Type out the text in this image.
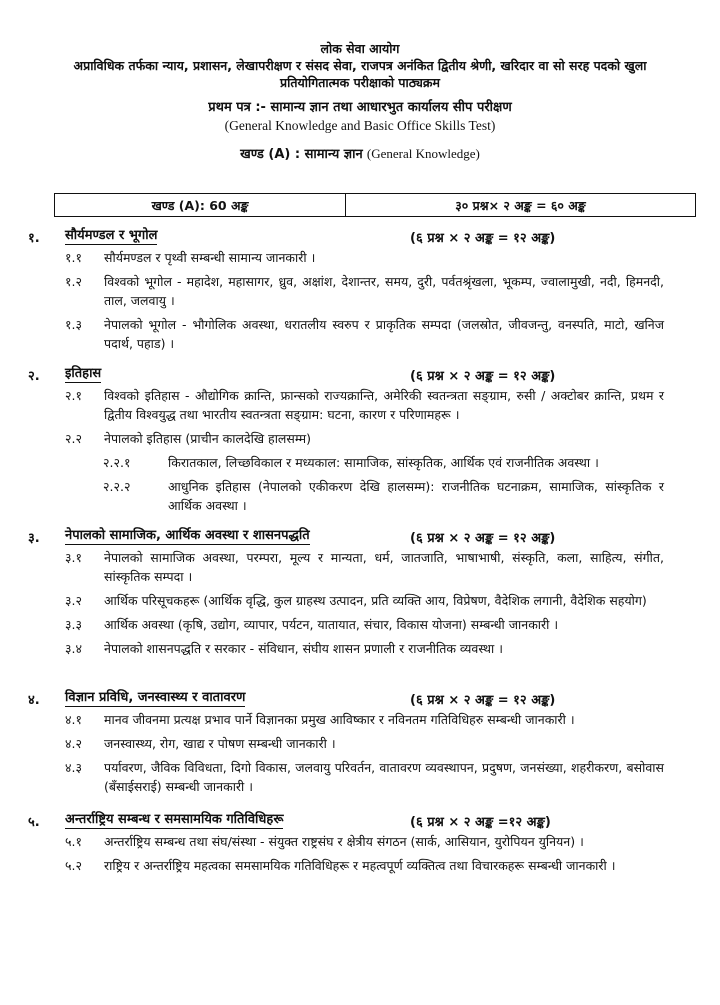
लोक सेवा आयोग
अप्राविधिक तर्फका न्याय, प्रशासन, लेखापरीक्षण र संसद सेवा, राजपत्र अनंकित द्वितीय श्रेणी, खरिदार वा सो सरह पदको खुला
प्रतियोगितात्मक परीक्षाको पाठ्यक्रम
प्रथम पत्र :- सामान्य ज्ञान तथा आधारभुत कार्यालय सीप परीक्षण
(General Knowledge and Basic Office Skills Test)
खण्ड (A) : सामान्य ज्ञान (General Knowledge)
खण्ड (A): 60 अङ्क	३० प्रश्न× २ अङ्क = ६० अङ्क
१. सौर्यमण्डल र भूगोल	(६ प्रश्न × २ अङ्क = १२ अङ्क)
१.१ सौर्यमण्डल र पृथ्वी सम्बन्धी सामान्य जानकारी ।
१.२ विश्वको भूगोल - महादेश, महासागर, ध्रुव, अक्षांश, देशान्तर, समय, दुरी, पर्वतश्रृंखला, भूकम्प, ज्वालामुखी, नदी, हिमनदी, ताल, जलवायु ।
१.३ नेपालको भूगोल - भौगोलिक अवस्था, धरातलीय स्वरुप र प्राकृतिक सम्पदा (जलस्रोत, जीवजन्तु, वनस्पति, माटो, खनिज पदार्थ, पहाड) ।
२. इतिहास	(६ प्रश्न × २ अङ्क = १२ अङ्क)
२.१ विश्वको इतिहास - औद्योगिक क्रान्ति, फ्रान्सको राज्यक्रान्ति, अमेरिकी स्वतन्त्रता सङ्ग्राम, रुसी / अक्टोबर क्रान्ति, प्रथम र द्वितीय विश्वयुद्ध तथा भारतीय स्वतन्त्रता सङ्ग्राम: घटना, कारण र परिणामहरू ।
२.२ नेपालको इतिहास (प्राचीन कालदेखि हालसम्म)
२.२.१	किरातकाल, लिच्छविकाल र मध्यकाल: सामाजिक, सांस्कृतिक, आर्थिक एवं राजनीतिक अवस्था ।
२.२.२	आधुनिक इतिहास (नेपालको एकीकरण देखि हालसम्म): राजनीतिक घटनाक्रम, सामाजिक, सांस्कृतिक र आर्थिक अवस्था ।
३. नेपालको सामाजिक, आर्थिक अवस्था र शासनपद्धति	(६ प्रश्न × २ अङ्क = १२ अङ्क)
३.१ नेपालको सामाजिक अवस्था, परम्परा, मूल्य र मान्यता, धर्म, जातजाति, भाषाभाषी, संस्कृति, कला, साहित्य, संगीत, सांस्कृतिक सम्पदा ।
३.२ आर्थिक परिसूचकहरू (आर्थिक वृद्धि, कुल ग्राहस्थ उत्पादन, प्रति व्यक्ति आय, विप्रेषण, वैदेशिक लगानी, वैदेशिक सहयोग)
३.३ आर्थिक अवस्था (कृषि, उद्योग, व्यापार, पर्यटन, यातायात, संचार, विकास योजना) सम्बन्धी जानकारी ।
३.४ नेपालको शासनपद्धति र सरकार - संविधान, संघीय शासन प्रणाली र राजनीतिक व्यवस्था ।
४. विज्ञान प्रविधि, जनस्वास्थ्य र वातावरण	(६ प्रश्न × २ अङ्क = १२ अङ्क)
४.१ मानव जीवनमा प्रत्यक्ष प्रभाव पार्ने विज्ञानका प्रमुख आविष्कार र नविनतम गतिविधिहरु सम्बन्धी जानकारी ।
४.२ जनस्वास्थ्य, रोग, खाद्य र पोषण सम्बन्धी जानकारी ।
४.३ पर्यावरण, जैविक विविधता, दिगो विकास, जलवायु परिवर्तन, वातावरण व्यवस्थापन, प्रदुषण, जनसंख्या, शहरीकरण, बसोवास (बँसाईसराई) सम्बन्धी जानकारी ।
५. अन्तर्राष्ट्रिय सम्बन्ध र समसामयिक गतिविधिहरू	(६ प्रश्न × २ अङ्क =१२ अङ्क)
५.१ अन्तर्राष्ट्रिय सम्बन्ध तथा संघ/संस्था - संयुक्त राष्ट्रसंघ र क्षेत्रीय संगठन (सार्क, आसियान, युरोपियन युनियन) ।
५.२ राष्ट्रिय र अन्तर्राष्ट्रिय महत्वका समसामयिक गतिविधिहरू र महत्वपूर्ण व्यक्तित्व तथा विचारकहरू सम्बन्धी जानकारी ।
